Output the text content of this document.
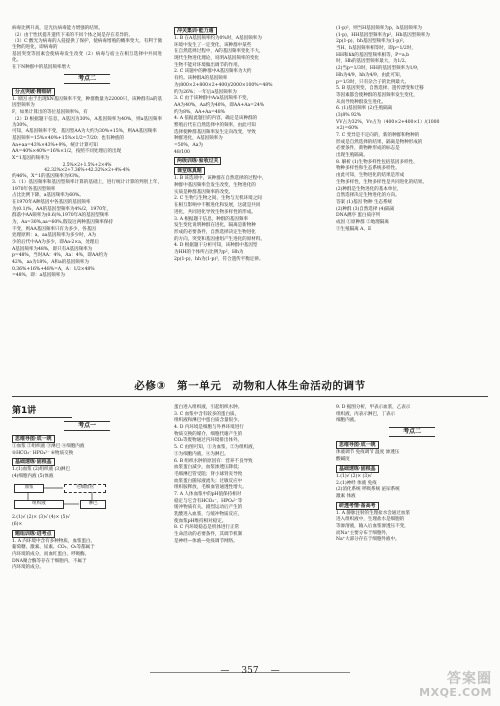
病毒比例升高，是光抗病毒能力增强的结果。

（2）由于性状提升遗传下来的不同个体之间是存在差异的。

（3）C 酸光为病毒的入侵提供了保护，使病毒增殖的概率变大，有利于微生物的进化，即病毒的

基因突变等因素会使病毒发生改变（2）病毒与宿主在相互选择中共同进化。

在下N种群中的基因频率增大

考点二
分点突破·精细研

1. 原因 由于出现XN基因频率不变，种群数量为22000只，该种群有a的基因型频率为

F，如果计算出的等位基因频率%，有

（2）D 根据题干信息，A基因为30%，A基因频率为40%，则a基因频率为30%，

可知，A基因频率不变，基因型AA为大约为30%+15%，则AA基因频率

基因频率=15%×40%+15%×1/2=7/20；也有种族的

Aa+aa=43%×43%+9%，统计计算可知

AA=40%×40%=16%×1/2，按照不同处理后的出现

X^1基因的频率为

2.5%×2+1.5%+2×4%
42.32%×2+7.36%+42.32%×2+4%-4%

约46%，X^1的基因频率为93%。

3.（1）基因频率和基因型频率计算的基础上，进行统计计算的判别上年，1970年各基因型频率

占比比例下降，a基因频率为60%。

在1970年A种基因中各基因的基因频率

为(0.1)%，AA的基因型频率为4%/2，1970年，

群落中AA频率为(0.6)%,1970年A的基因型频率

为，Aa=30%,aa=60%,假设这两种基因频率保持

不变，则AA基因频率只有为多少，各基因

处理原则：a，aa基因频率为多少时，A为

少的后代中AA为多少，即Aa-2×a，处理后

A基因频率为48%，即只有A基因频率为

p=48%，当时AA：4%，Aa：4%，即AA约为

42%，aa为18%，A和a的基因频率为

0.36%+16%+48%=A，A：1/2×48%

=48%，即：a基因频率为

冲关集训·能力通

1. B 在A基因频率约为0%时，A基因频率为

环境中发生了一定变化，该种群中某些

在自然选择过程中，A的基因频率变化不大，

现代生物进化理论，说明A基因频率的变化

生物不能对环境做出调节的作用。

2. C 该题中的种群中A基因频率为大约

有约。该种群A的基因频率

为(800×2+800×2+400)/2000×100%=48%

约为26%；一年后a基因频率为

3. C 由于该种群中A/a基因频率不变，

AA为40%，Aa约为40%，即AA+Aa=24%

约为8%，AA+Aa=48%

4. A 依据此题目的内容，确定是该种群的

繁殖后代在自然选择中的频率，由此可知

选择使种群基因频率发生定向改变，导致

种群进化，A基因频率为

=50%，Aa为

48/100

两级训练·验收过关
课堂练真题

1. B 该选项中，该种群在自然选择的过程中，

种群中基因频率会发生改变，生物进化的

实质是种群基因频率的改变。

2. C 生物与生物之间、生物与无机环境之间

在相互影响中不断进化和发展，这就是共同

进化，共同进化导致生物多样性的形成。

3. A 根据题干信息，种群的基因频率

发生变化说明种群在进化，隔离是新物种

形成的必要条件，自然选择决定生物进化

的方向，突变和基因重组产生进化的原材料。

4. D 根据题干分析可知，该种群中基因型

为HH的个体所占比例为p²，Hh为

2p(1-p)，hh为(1-p)²，符合遗传平衡定律。

(1-p)²，则当H基因频率为p，h基因频率为

(1-p)，HH基因型频率为p²，Hh基因型频率为

2p(1-p)，hh基因型频率为(1-p)²。

当H、h基因频率相等时，即p=1/2时，

HH和hh的基因型频率相等，P=a,b

时，Hh的基因型频率最大，为1/2。

(2)当p=1/3时，HH的基因型频率为1/9，

Hh为4/9，hh为4/9，由此可知，

p=1/3时，只有杂合子的比例最大。

5. B 基因突变、自然选择、遗传漂变和迁移

等因素都会使种群的基因频率发生变化，

从而导致种群发生进化。

6. (1)基因频率 (2)生殖隔离

(3)8% 92%

VV占为32%，Vv占为（400×2+400×1）/(1000

×2)=60%

7. C 变异是不定向的，新的种群和物种的

形成是自然选择的结果，隔离是物种形成的

必要条件，新物种形成的标志是

出现生殖隔离。

8. 解析 (1)生物多样性包括基因多样性、

物种多样性和生态系统多样性。

由此可知，生物进化的结果是形成

生物多样性，生物多样性是共同进化的结果。

(2)种群是生物进化的基本单位，

自然选择决定生物进化的方向。

答案 (1)基因 物种 生态系统

(2)种群 (3)自然选择 (4)隔离

DNA测序 蛋白质序列

成因 ①原种群 ②地理隔离

③生殖隔离 A、E

必修③　第一单元　动物和人体生命活动的调节
第1讲
考点一
思维导图·成一统

①血浆 ②组织液 ③淋巴 ④细胞内液

⑤HCO₃⁻ HPO₄²⁻ ⑥物质交换

基础速练·固根基

1.(1)血浆 (2)组织液 (3)淋巴

(4)细胞内液 (5)体液

血浆	毛细血管
组织液	淋巴

2.(1)√ (2)× (3)√ (4)× (5)√

(6)×

题组训练·进考点

1. A 内环境中含有多种物质，血浆蛋白、

葡萄糖、激素、尿素、CO₂、O₂等都属于

内环境的成分，而血红蛋白、呼吸酶、

DNA聚合酶等存在于细胞内，不属于

内环境的成分。

蛋白进入组织液，引起组织水肿。

3. C 血浆中含有较多的蛋白质，

组织液和淋巴中蛋白质含量很少。

4. D 内环境是细胞与外界环境进行

物质交换的媒介，细胞代谢产生的

CO₂等废物通过内环境排出体外。

5. C 由图可知，①为血浆，②为组织液，

③为细胞内液，④为淋巴。

6. B 组织水肿的原因有：营养不良导致

血浆蛋白减少，血浆渗透压降低；

毛细淋巴管受阻；肾小球肾炎导致

血浆蛋白随尿液流失；过敏反应中

组织胺释放，毛细血管通透性增大。

7. A 人体血浆中的pH值保持相对

稳定与它含有HCO₃⁻、HPO₄²⁻等

缓冲物质有关，剧烈运动后产生的

乳酸进入血浆，与缓冲物质反应，

使血浆pH维持相对稳定。

8. C 内环境稳态是机体进行正常

生命活动的必要条件，其调节机制

是神经—体液—免疫调节网络。

9. D 据图分析，甲表示血浆，乙表示

组织液，丙表示淋巴，丁表示

细胞内液。

考点二
思维导图·成一统

体液调节 免疫调节 温度 渗透压

酸碱度

基础速练·固根基

1.(1)√ (2)× (3)√

2.(1)神经 体液 免疫

(2)消化系统 呼吸系统 泌尿系统

激素 体液

研透考情·备高考

1. A 静脉注射的生理盐水会通过血浆

进入组织液中，生理盐水是细胞的

等渗溶液，输入后血浆渗透压不变，

而Na⁺主要分布于细胞外，

Na⁺大部分存在于细胞外液中。

— 357 —	答案圈
MXQE.COM
